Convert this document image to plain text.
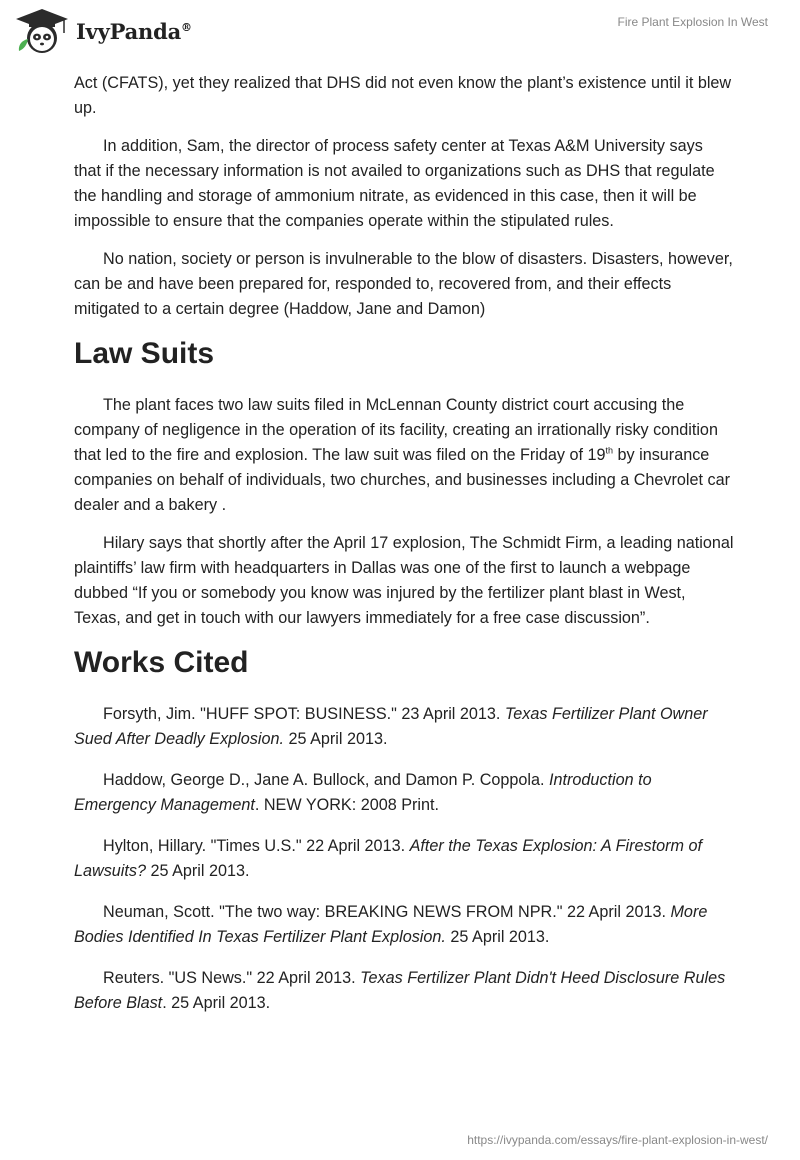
IvyPanda®	Fire Plant Explosion In West

Act (CFATS), yet they realized that DHS did not even know the plant’s existence until it blew up.

In addition, Sam, the director of process safety center at Texas A&M University says that if the necessary information is not availed to organizations such as DHS that regulate the handling and storage of ammonium nitrate, as evidenced in this case, then it will be impossible to ensure that the companies operate within the stipulated rules.

No nation, society or person is invulnerable to the blow of disasters. Disasters, however, can be and have been prepared for, responded to, recovered from, and their effects mitigated to a certain degree (Haddow, Jane and Damon)

Law Suits

The plant faces two law suits filed in McLennan County district court accusing the company of negligence in the operation of its facility, creating an irrationally risky condition that led to the fire and explosion. The law suit was filed on the Friday of 19th by insurance companies on behalf of individuals, two churches, and businesses including a Chevrolet car dealer and a bakery .

Hilary says that shortly after the April 17 explosion, The Schmidt Firm, a leading national plaintiffs’ law firm with headquarters in Dallas was one of the first to launch a webpage dubbed “If you or somebody you know was injured by the fertilizer plant blast in West, Texas, and get in touch with our lawyers immediately for a free case discussion”.

Works Cited

Forsyth, Jim. "HUFF SPOT: BUSINESS." 23 April 2013. Texas Fertilizer Plant Owner Sued After Deadly Explosion. 25 April 2013.

Haddow, George D., Jane A. Bullock, and Damon P. Coppola. Introduction to Emergency Management. NEW YORK: 2008 Print.

Hylton, Hillary. "Times U.S." 22 April 2013. After the Texas Explosion: A Firestorm of Lawsuits? 25 April 2013.

Neuman, Scott. "The two way: BREAKING NEWS FROM NPR." 22 April 2013. More Bodies Identified In Texas Fertilizer Plant Explosion. 25 April 2013.

Reuters. "US News." 22 April 2013. Texas Fertilizer Plant Didn't Heed Disclosure Rules Before Blast. 25 April 2013.

https://ivypanda.com/essays/fire-plant-explosion-in-west/
